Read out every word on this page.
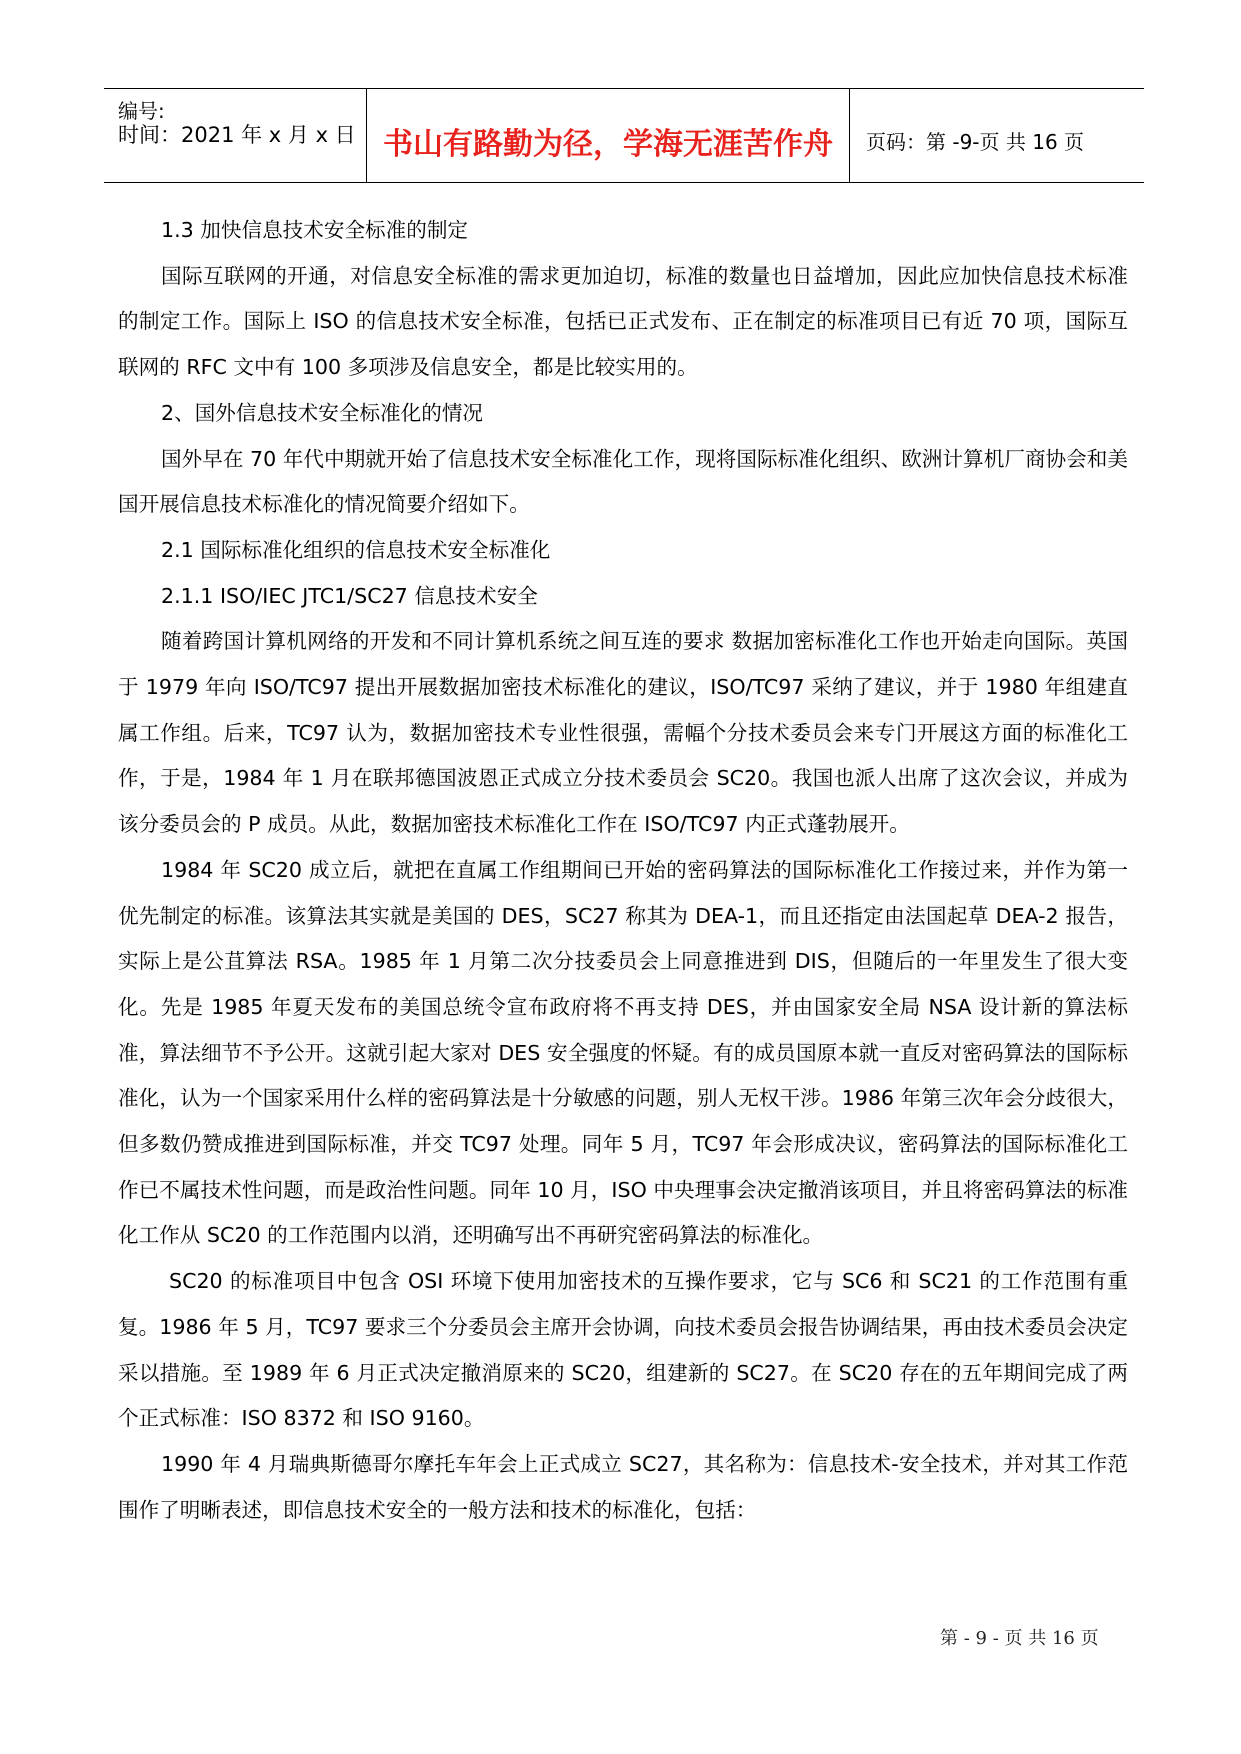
编号:
时间：2021 年 x 月 x 日 书山有路勤为径，学海无涯苦作舟	页码：第 -9-页 共 16 页

1.3 加快信息技术安全标准的制定

国际互联网的开通，对信息安全标准的需求更加迫切，标准的数量也日益增加，因此应加快信息技术标准的制定工作。国际上 ISO 的信息技术安全标准，包括已正式发布、正在制定的标准项目已有近 70 项，国际互联网的 RFC 文中有 100 多项涉及信息安全，都是比较实用的。

2、国外信息技术安全标准化的情况

国外早在 70 年代中期就开始了信息技术安全标准化工作，现将国际标准化组织、欧洲计算机厂商协会和美国开展信息技术标准化的情况简要介绍如下。

2.1 国际标准化组织的信息技术安全标准化

2.1.1 ISO/IEC JTC1/SC27 信息技术安全

随着跨国计算机网络的开发和不同计算机系统之间互连的要求 数据加密标准化工作也开始走向国际。英国于 1979 年向 ISO/TC97 提出开展数据加密技术标准化的建议，ISO/TC97 采纳了建议，并于 1980 年组建直属工作组。后来，TC97 认为，数据加密技术专业性很强，需幅个分技术委员会来专门开展这方面的标准化工作，于是，1984 年 1 月在联邦德国波恩正式成立分技术委员会 SC20。我国也派人出席了这次会议，并成为该分委员会的 P 成员。从此，数据加密技术标准化工作在 ISO/TC97 内正式蓬勃展开。

1984 年 SC20 成立后，就把在直属工作组期间已开始的密码算法的国际标准化工作接过来，并作为第一优先制定的标准。该算法其实就是美国的 DES，SC27 称其为 DEA-1，而且还指定由法国起草 DEA-2 报告，实际上是公苴算法 RSA。1985 年 1 月第二次分技委员会上同意推进到 DIS，但随后的一年里发生了很大变化。先是 1985 年夏天发布的美国总统令宣布政府将不再支持 DES，并由国家安全局 NSA 设计新的算法标准，算法细节不予公开。这就引起大家对 DES 安全强度的怀疑。有的成员国原本就一直反对密码算法的国际标准化，认为一个国家采用什么样的密码算法是十分敏感的问题，别人无权干涉。1986 年第三次年会分歧很大，但多数仍赞成推进到国际标准，并交 TC97 处理。同年 5 月，TC97 年会形成决议，密码算法的国际标准化工作已不属技术性问题，而是政治性问题。同年 10 月，ISO 中央理事会决定撤消该项目，并且将密码算法的标准化工作从 SC20 的工作范围内以消，还明确写出不再研究密码算法的标准化。

SC20 的标准项目中包含 OSI 环境下使用加密技术的互操作要求，它与 SC6 和 SC21 的工作范围有重复。1986 年 5 月，TC97 要求三个分委员会主席开会协调，向技术委员会报告协调结果，再由技术委员会决定采以措施。至 1989 年 6 月正式决定撤消原来的 SC20，组建新的 SC27。在 SC20 存在的五年期间完成了两个正式标准：ISO 8372 和 ISO 9160。

1990 年 4 月瑞典斯德哥尔摩托车年会上正式成立 SC27，其名称为：信息技术-安全技术，并对其工作范围作了明晰表述，即信息技术安全的一般方法和技术的标准化，包括：

第 - 9 - 页 共 16 页
